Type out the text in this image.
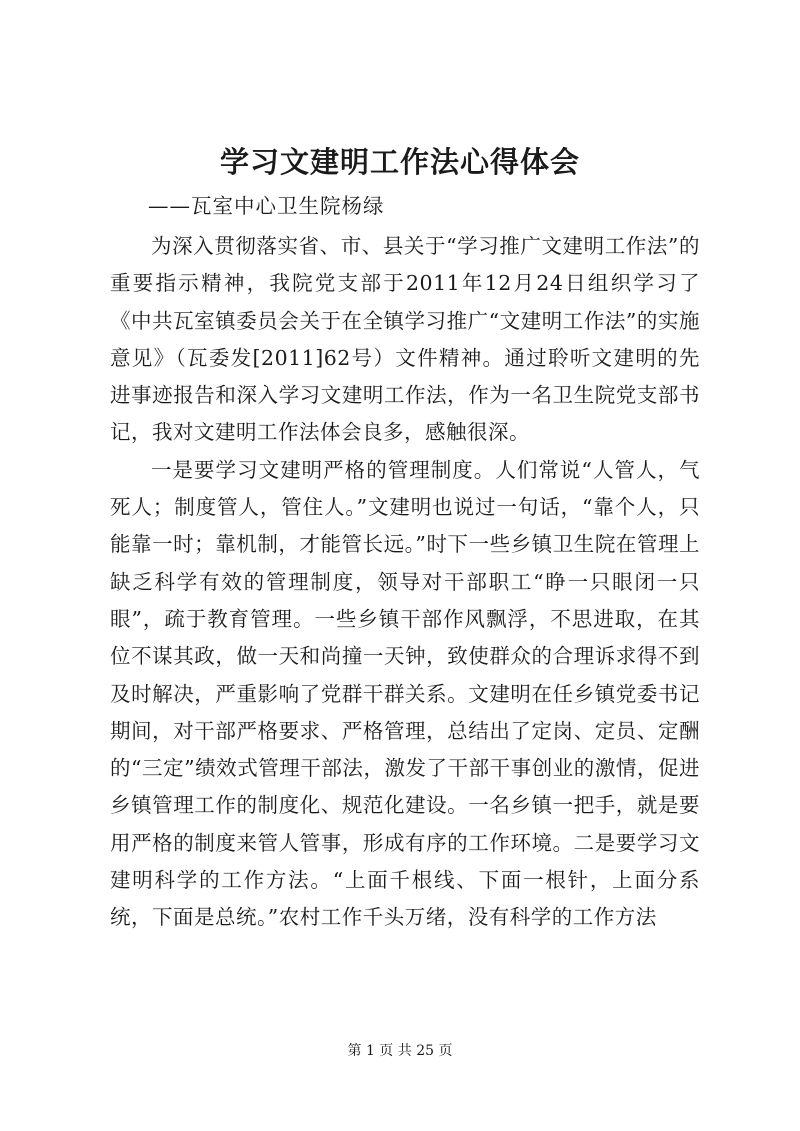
学习文建明工作法心得体会

——瓦室中心卫生院杨绿

为深入贯彻落实省、市、县关于“学习推广文建明工作法”的重要指示精神，我院党支部于2011年12月24日组织学习了《中共瓦室镇委员会关于在全镇学习推广“文建明工作法”的实施意见》（瓦委发[2011]62号）文件精神。通过聆听文建明的先进事迹报告和深入学习文建明工作法，作为一名卫生院党支部书记，我对文建明工作法体会良多，感触很深。

一是要学习文建明严格的管理制度。人们常说“人管人，气死人；制度管人，管住人。”文建明也说过一句话，“靠个人，只能靠一时；靠机制，才能管长远。”时下一些乡镇卫生院在管理上缺乏科学有效的管理制度，领导对干部职工“睁一只眼闭一只眼”，疏于教育管理。一些乡镇干部作风飘浮，不思进取，在其位不谋其政，做一天和尚撞一天钟，致使群众的合理诉求得不到及时解决，严重影响了党群干群关系。文建明在任乡镇党委书记期间，对干部严格要求、严格管理，总结出了定岗、定员、定酬的“三定”绩效式管理干部法，激发了干部干事创业的激情，促进乡镇管理工作的制度化、规范化建设。一名乡镇一把手，就是要用严格的制度来管人管事，形成有序的工作环境。二是要学习文建明科学的工作方法。“上面千根线、下面一根针，上面分系统，下面是总统。”农村工作千头万绪，没有科学的工作方法

第 1 页 共 25 页
